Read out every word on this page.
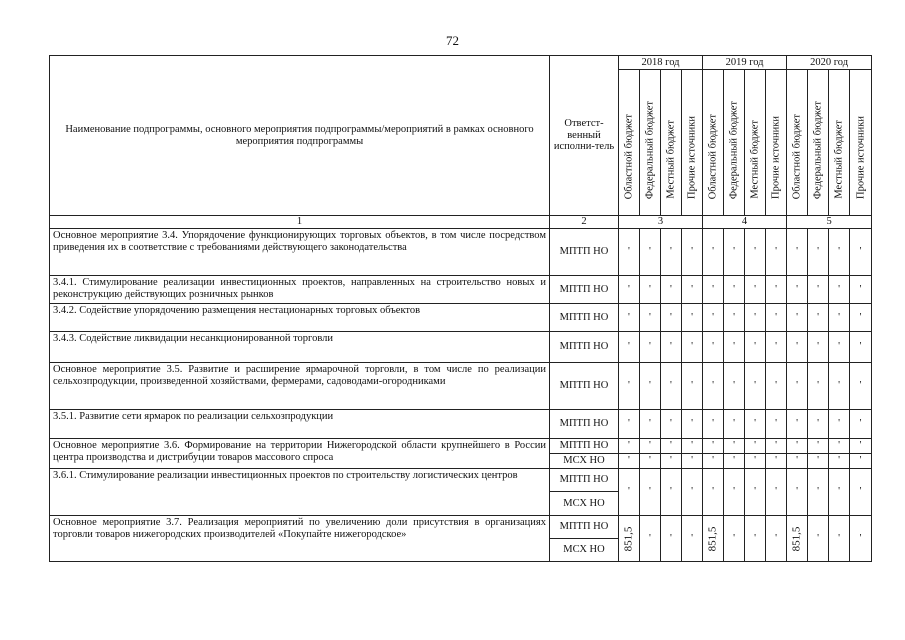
72
Наименование подпрограммы, основного мероприятия подпрограммы/мероприятий в рамках основного мероприятия подпрограммы	Ответст-венный исполни-тель	2018 год				2019 год				2020 год			

		Областной бюджет	Федеральный бюджет	Местный бюджет	Прочие источники	Областной бюджет	Федеральный бюджет	Местный бюджет	Прочие источники	Областной бюджет	Федеральный бюджет	Местный бюджет	Прочие источники

1	2	3				4				5			
Основное мероприятие 3.4. Упорядочение функционирующих торговых объектов, в том числе посредством приведения их в соответствие с требованиями действующего законодательства	МПТП НО	'	'	'	'	'	'	'	'	'	'	'	'
3.4.1. Стимулирование реализации инвестиционных проектов, направленных на строительство новых и реконструкцию действующих розничных рынков	МПТП НО	'	'	'	'	'	'	'	'	'	'	'	'
3.4.2. Содействие упорядочению размещения нестационарных торговых объектов	МПТП НО	'	'	'	'	'	'	'	'	'	'	'	'
3.4.3. Содействие ликвидации несанкционированной торговли	МПТП НО	'	'	'	'	'	'	'	'	'	'	'	'
Основное мероприятие 3.5. Развитие и расширение ярмарочной торговли, в том числе по реализации сельхозпродукции, произведенной хозяйствами, фермерами, садоводами-огородниками	МПТП НО	'	'	'	'	'	'	'	'	'	'	'	'
3.5.1. Развитие сети ярмарок по реализации сельхозпродукции	МПТП НО	'	'	'	'	'	'	'	'	'	'	'	'
Основное мероприятие 3.6. Формирование на территории Нижегородской области крупнейшего в России центра производства и дистрибуции товаров массового спроса	МПТП НО	'	'	'	'	'	'	'	'	'	'	'	'
	МСХ НО	'	'	'	'	'	'	'	'	'	'	'	'
3.6.1. Стимулирование реализации инвестиционных проектов по строительству логистических центров	МПТП НО	'	'	'	'	'	'	'	'	'	'	'	'
	МСХ НО												
Основное мероприятие 3.7. Реализация мероприятий по увеличению доли присутствия в организациях торговли товаров нижегородских производителей «Покупайте нижегородское»	МПТП НО	851,5	'	'	'	851,5	'	'	'	851,5	'	'	'
	МСХ НО												
